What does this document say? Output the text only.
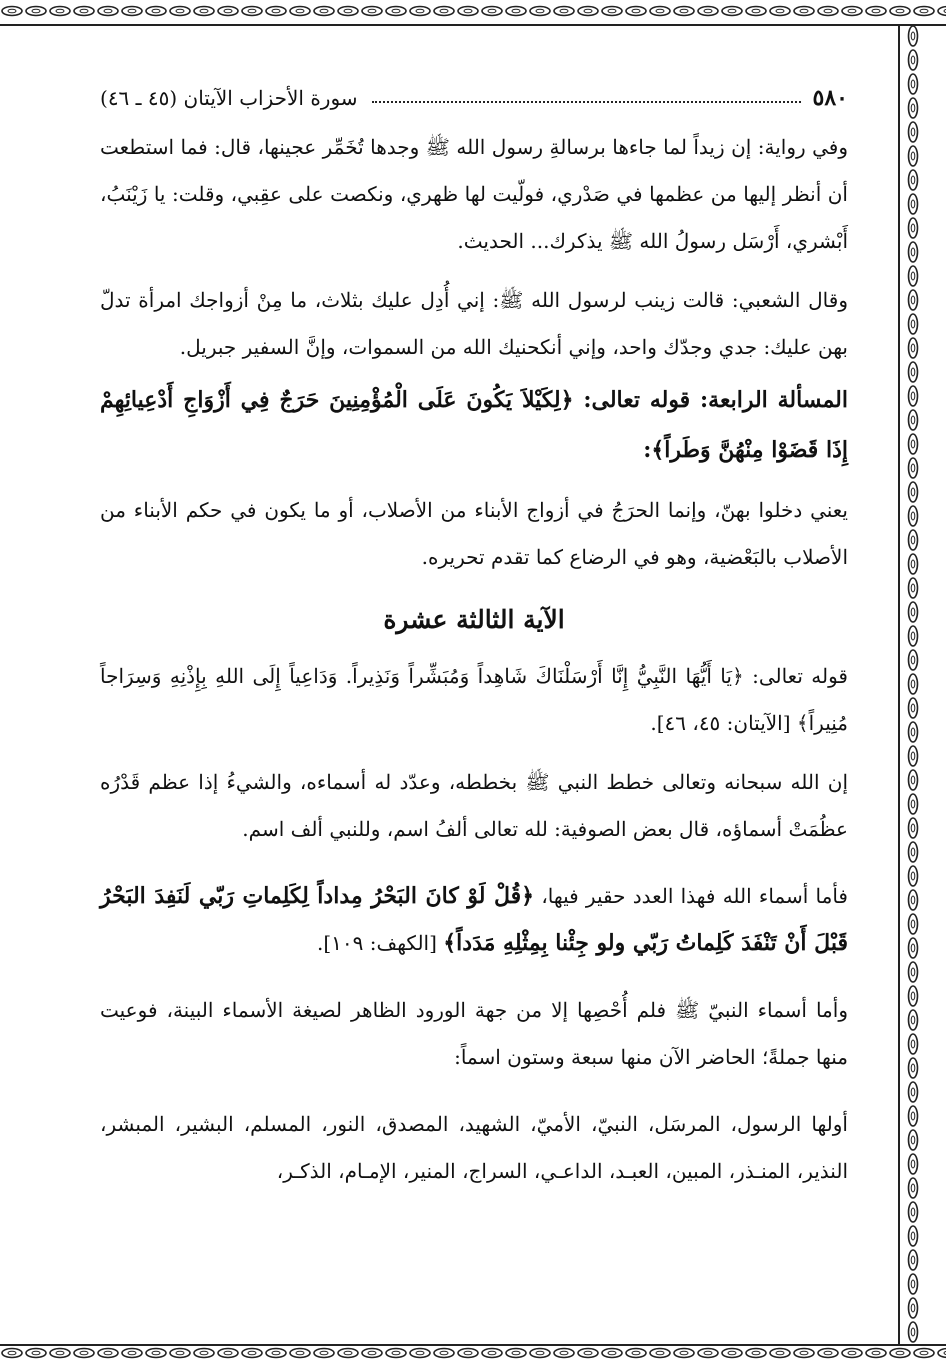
٥٨٠
سورة الأحزاب الآيتان (٤٥ ـ ٤٦)

وفي رواية: إن زيداً لما جاءها برسالةِ رسول الله ﷺ وجدها تُخَمِّر عجينها، قال: فما استطعت أن أنظر إليها من عظمها في صَدْري، فولّيت لها ظهري، ونكصت على عقِبي، وقلت: يا زَيْنَبُ، أَبْشري، أَرْسَل رسولُ الله ﷺ يذكرك... الحديث.

وقال الشعبي: قالت زينب لرسول الله ﷺ: إني أُدِل عليك بثلاث، ما مِنْ أزواجك امرأة تدلّ بهن عليك: جدي وجدّك واحد، وإني أنكحنيك الله من السموات، وإنَّ السفير جبريل.

المسألة الرابعة: قوله تعالى: ﴿لِكَيْلاَ يَكُونَ عَلَى الْمُؤْمِنِينَ حَرَجٌ فِي أَزْوَاجِ أَدْعِيائِهِمْ إِذَا قَضَوْا مِنْهُنَّ وَطَراً﴾:

يعني دخلوا بهنّ، وإنما الحرَجُ في أزواج الأبناء من الأصلاب، أو ما يكون في حكم الأبناء من الأصلاب بالبَعْضية، وهو في الرضاع كما تقدم تحريره.

الآية الثالثة عشرة

قوله تعالى: ﴿يَا أَيُّهَا النَّبِيُّ إِنَّا أَرْسَلْنَاكَ شَاهِداً وَمُبَشِّراً وَنَذِيراً. وَدَاعِياً إِلَى اللهِ بِإِذْنِهِ وَسِرَاجاً مُنِيراً﴾ [الآيتان: ٤٥، ٤٦].

إن الله سبحانه وتعالى خطط النبي ﷺ بخططه، وعدّد له أسماءه، والشيءُ إذا عظم قَدْرُه عظُمَتْ أسماؤه، قال بعض الصوفية: لله تعالى ألفُ اسم، وللنبي ألف اسم.

فأما أسماء الله فهذا العدد حقير فيها، ﴿قُلْ لَوْ كانَ البَحْرُ مِداداً لِكَلِماتِ رَبّي لَنَفِدَ البَحْرُ قَبْلَ أَنْ تَنْفَدَ كَلِماتُ رَبّي ولو جِئْنا بِمِثْلِهِ مَدَداً﴾ [الكهف: ١٠٩].

وأما أسماء النبيّ ﷺ فلم أُحْصِها إلا من جهة الورود الظاهر لصيغة الأسماء البينة، فوعيت منها جملةً؛ الحاضر الآن منها سبعة وستون اسماً:

أولها الرسول، المرسَل، النبيّ، الأميّ، الشهيد، المصدق، النور، المسلم، البشير، المبشر، النذير، المنـذر، المبين، العبـد، الداعـي، السراج، المنير، الإمـام، الذكـر،
